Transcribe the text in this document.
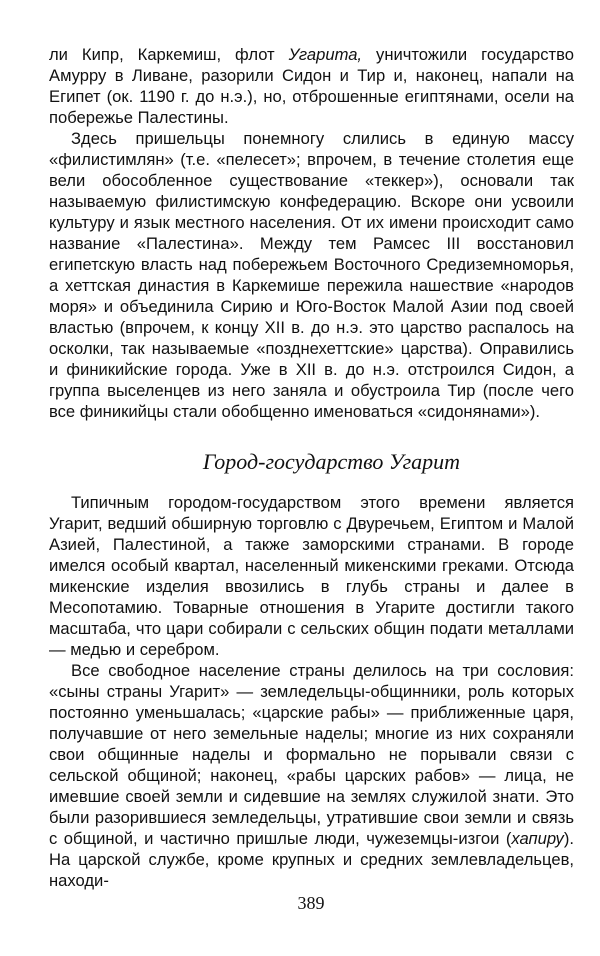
ли Кипр, Каркемиш, флот Угарита, уничтожили государство Амурру в Ливане, разорили Сидон и Тир и, наконец, напали на Египет (ок. 1190 г. до н.э.), но, отброшенные египтянами, осели на побережье Палестины.

Здесь пришельцы понемногу слились в единую массу «филистимлян» (т.е. «пелесет»; впрочем, в течение столетия еще вели обособленное существование «теккер»), основали так называемую филистимскую конфедерацию. Вскоре они усвоили культуру и язык местного населения. От их имени происходит само название «Палестина». Между тем Рамсес III восстановил египетскую власть над побережьем Восточного Средиземноморья, а хеттская династия в Каркемише пережила нашествие «народов моря» и объединила Сирию и Юго-Восток Малой Азии под своей властью (впрочем, к концу XII в. до н.э. это царство распалось на осколки, так называемые «позднехеттские» царства). Оправились и финикийские города. Уже в XII в. до н.э. отстроился Сидон, а группа выселенцев из него заняла и обустроила Тир (после чего все финикийцы стали обобщенно именоваться «сидонянами»).

Город-государство Угарит

Типичным городом-государством этого времени является Угарит, ведший обширную торговлю с Двуречьем, Египтом и Малой Азией, Палестиной, а также заморскими странами. В городе имелся особый квартал, населенный микенскими греками. Отсюда микенские изделия ввозились в глубь страны и далее в Месопотамию. Товарные отношения в Угарите достигли такого масштаба, что цари собирали с сельских общин подати металлами — медью и серебром.

Все свободное население страны делилось на три сословия: «сыны страны Угарит» — земледельцы-общинники, роль которых постоянно уменьшалась; «царские рабы» — приближенные царя, получавшие от него земельные наделы; многие из них сохраняли свои общинные наделы и формально не порывали связи с сельской общиной; наконец, «рабы царских рабов» — лица, не имевшие своей земли и сидевшие на землях служилой знати. Это были разорившиеся земледельцы, утратившие свои земли и связь с общиной, и частично пришлые люди, чужеземцы-изгои (хапиру). На царской службе, кроме крупных и средних землевладельцев, находи-

389
